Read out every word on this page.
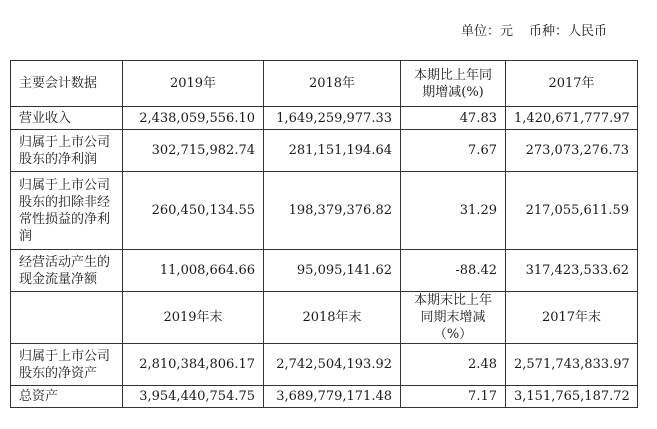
单位：元 币种：人民币
主要会计数据	2019年	2018年	本期比上年同期增减(%)	2017年
营业收入	2,438,059,556.10	1,649,259,977.33	47.83	1,420,671,777.97
归属于上市公司股东的净利润	302,715,982.74	281,151,194.64	7.67	273,073,276.73
归属于上市公司股东的扣除非经常性损益的净利润	260,450,134.55	198,379,376.82	31.29	217,055,611.59
经营活动产生的现金流量净额	11,008,664.66	95,095,141.62	-88.42	317,423,533.62
	2019年末	2018年末	本期末比上年同期末增减（%）	2017年末
归属于上市公司股东的净资产	2,810,384,806.17	2,742,504,193.92	2.48	2,571,743,833.97
总资产	3,954,440,754.75	3,689,779,171.48	7.17	3,151,765,187.72
